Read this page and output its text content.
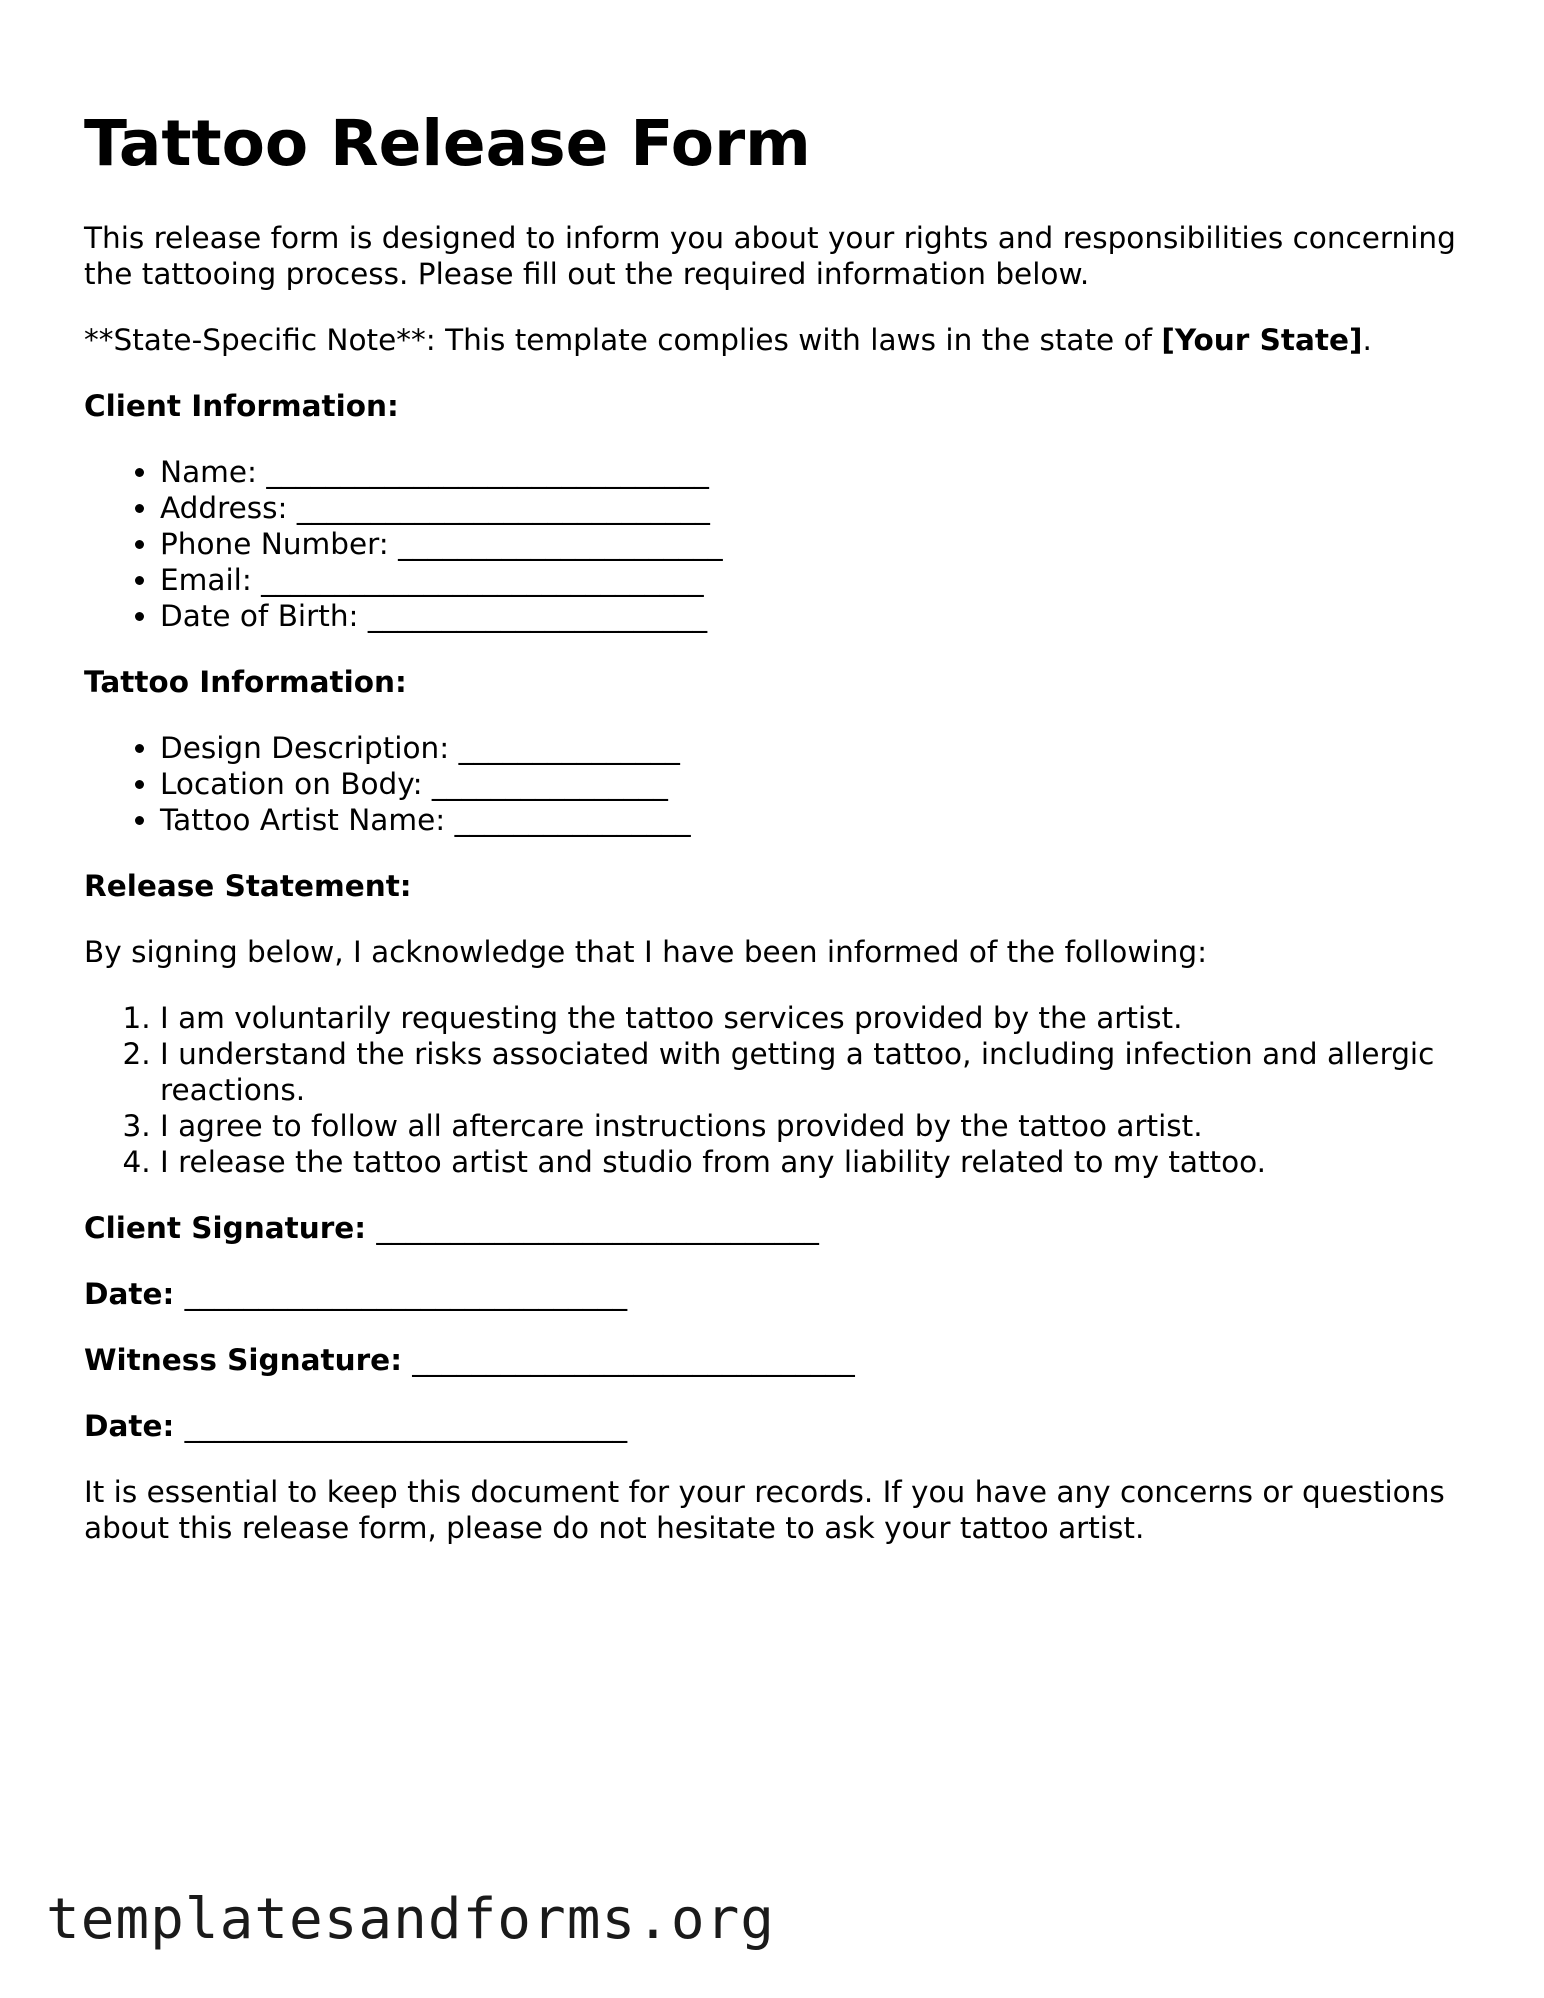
Tattoo Release Form

This release form is designed to inform you about your rights and responsibilities concerning the tattooing process. Please fill out the required information below.

**State-Specific Note**: This template complies with laws in the state of [Your State].

Client Information:
• Name: ______________________________
• Address: ____________________________
• Phone Number: ______________________
• Email: ______________________________
• Date of Birth: _______________________
Tattoo Information:
• Design Description: _______________
• Location on Body: ________________
• Tattoo Artist Name: ________________
Release Statement:

By signing below, I acknowledge that I have been informed of the following:

1. I am voluntarily requesting the tattoo services provided by the artist.
2. I understand the risks associated with getting a tattoo, including infection and allergic reactions.
3. I agree to follow all aftercare instructions provided by the tattoo artist.
4. I release the tattoo artist and studio from any liability related to my tattoo.
Client Signature: ______________________________
Date: ______________________________
Witness Signature: ______________________________
Date: ______________________________

It is essential to keep this document for your records. If you have any concerns or questions about this release form, please do not hesitate to ask your tattoo artist.

templatesandforms.org
